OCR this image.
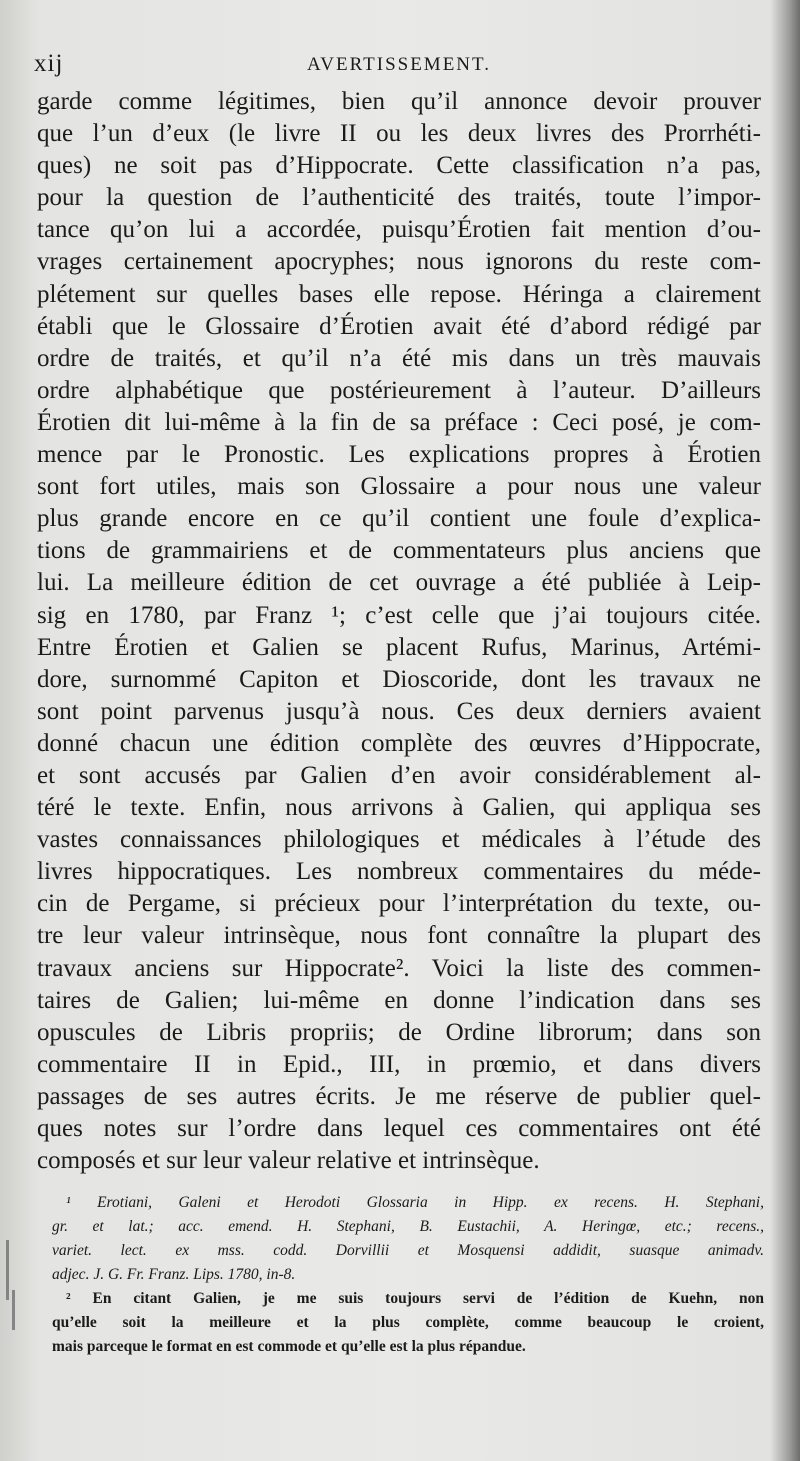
xij	AVERTISSEMENT.
garde comme légitimes, bien qu’il annonce devoir prouver
que l’un d’eux (le livre II ou les deux livres des Prorrhéti-
ques) ne soit pas d’Hippocrate. Cette classification n’a pas,
pour la question de l’authenticité des traités, toute l’impor-
tance qu’on lui a accordée, puisqu’Érotien fait mention d’ou-
vrages certainement apocryphes; nous ignorons du reste com-
plétement sur quelles bases elle repose. Héringa a clairement
établi que le Glossaire d’Érotien avait été d’abord rédigé par
ordre de traités, et qu’il n’a été mis dans un très mauvais
ordre alphabétique que postérieurement à l’auteur. D’ailleurs
Érotien dit lui-même à la fin de sa préface : Ceci posé, je com-
mence par le Pronostic. Les explications propres à Érotien
sont fort utiles, mais son Glossaire a pour nous une valeur
plus grande encore en ce qu’il contient une foule d’explica-
tions de grammairiens et de commentateurs plus anciens que
lui. La meilleure édition de cet ouvrage a été publiée à Leip-
sig en 1780, par Franz ¹; c’est celle que j’ai toujours citée.
Entre Érotien et Galien se placent Rufus, Marinus, Artémi-
dore, surnommé Capiton et Dioscoride, dont les travaux ne
sont point parvenus jusqu’à nous. Ces deux derniers avaient
donné chacun une édition complète des œuvres d’Hippocrate,
et sont accusés par Galien d’en avoir considérablement al-
téré le texte. Enfin, nous arrivons à Galien, qui appliqua ses
vastes connaissances philologiques et médicales à l’étude des
livres hippocratiques. Les nombreux commentaires du méde-
cin de Pergame, si précieux pour l’interprétation du texte, ou-
tre leur valeur intrinsèque, nous font connaître la plupart des
travaux anciens sur Hippocrate². Voici la liste des commen-
taires de Galien; lui-même en donne l’indication dans ses
opuscules de Libris propriis; de Ordine librorum; dans son
commentaire II in Epid., III, in prœmio, et dans divers
passages de ses autres écrits. Je me réserve de publier quel-
ques notes sur l’ordre dans lequel ces commentaires ont été
composés et sur leur valeur relative et intrinsèque.
¹ Erotiani, Galeni et Herodoti Glossaria in Hipp. ex recens. H. Stephani,
gr. et lat.; acc. emend. H. Stephani, B. Eustachii, A. Heringœ, etc.; recens.,
variet. lect. ex mss. codd. Dorvillii et Mosquensi addidit, suasque animadv.
adjec. J. G. Fr. Franz. Lips. 1780, in-8.
² En citant Galien, je me suis toujours servi de l’édition de Kuehn, non
qu’elle soit la meilleure et la plus complète, comme beaucoup le croient,
mais parceque le format en est commode et qu’elle est la plus répandue.
